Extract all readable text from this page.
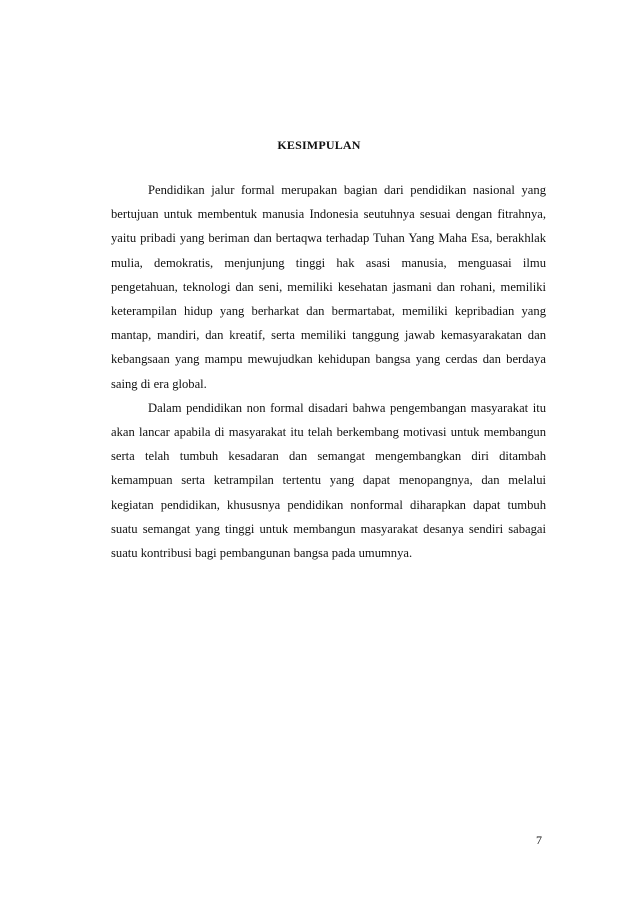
KESIMPULAN

Pendidikan jalur formal merupakan bagian dari pendidikan nasional yang bertujuan untuk membentuk manusia Indonesia seutuhnya sesuai dengan fitrahnya, yaitu pribadi yang beriman dan bertaqwa terhadap Tuhan Yang Maha Esa, berakhlak mulia, demokratis, menjunjung tinggi hak asasi manusia, menguasai ilmu pengetahuan, teknologi dan seni, memiliki kesehatan jasmani dan rohani, memiliki keterampilan hidup yang berharkat dan bermartabat, memiliki kepribadian yang mantap, mandiri, dan kreatif, serta memiliki tanggung jawab kemasyarakatan dan kebangsaan yang mampu mewujudkan kehidupan bangsa yang cerdas dan berdaya saing di era global.

Dalam pendidikan non formal disadari bahwa pengembangan masyarakat itu akan lancar apabila di masyarakat itu telah berkembang motivasi untuk membangun serta telah tumbuh kesadaran dan semangat mengembangkan diri ditambah kemampuan serta ketrampilan tertentu yang dapat menopangnya, dan melalui kegiatan pendidikan, khususnya pendidikan nonformal diharapkan dapat tumbuh suatu semangat yang tinggi untuk membangun masyarakat desanya sendiri sabagai suatu kontribusi bagi pembangunan bangsa pada umumnya.

7
